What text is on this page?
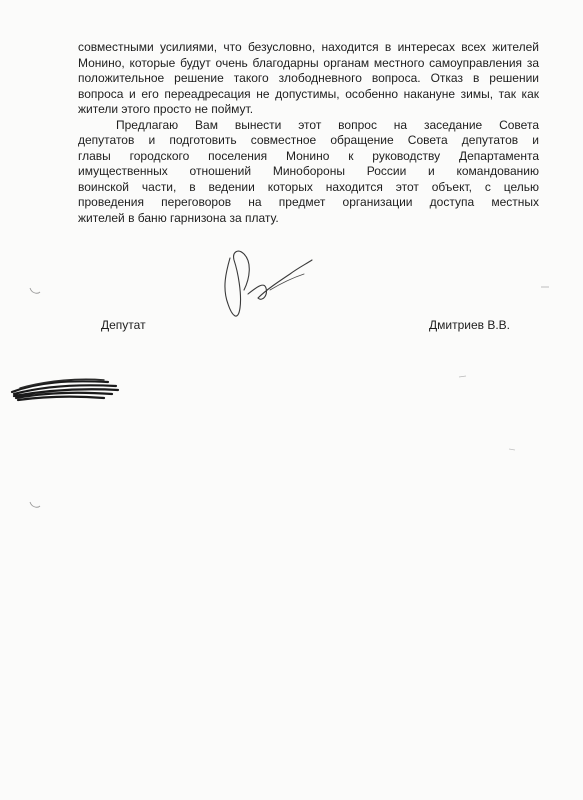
совместными усилиями, что безусловно, находится в интересах всех жителей
Монино, которые будут очень благодарны органам местного самоуправления за
положительное решение такого злободневного вопроса. Отказ в решении
вопроса и его переадресация не допустимы, особенно накануне зимы, так как
жители этого просто не поймут.
Предлагаю Вам вынести этот вопрос на заседание Совета
депутатов и подготовить совместное обращение Совета депутатов и
главы городского поселения Монино к руководству Департамента
имущественных отношений Минобороны России и командованию
воинской части, в ведении которых находится этот объект, с целью
проведения переговоров на предмет организации доступа местных
жителей в баню гарнизона за плату.
Депутат	Дмитриев В.В.
